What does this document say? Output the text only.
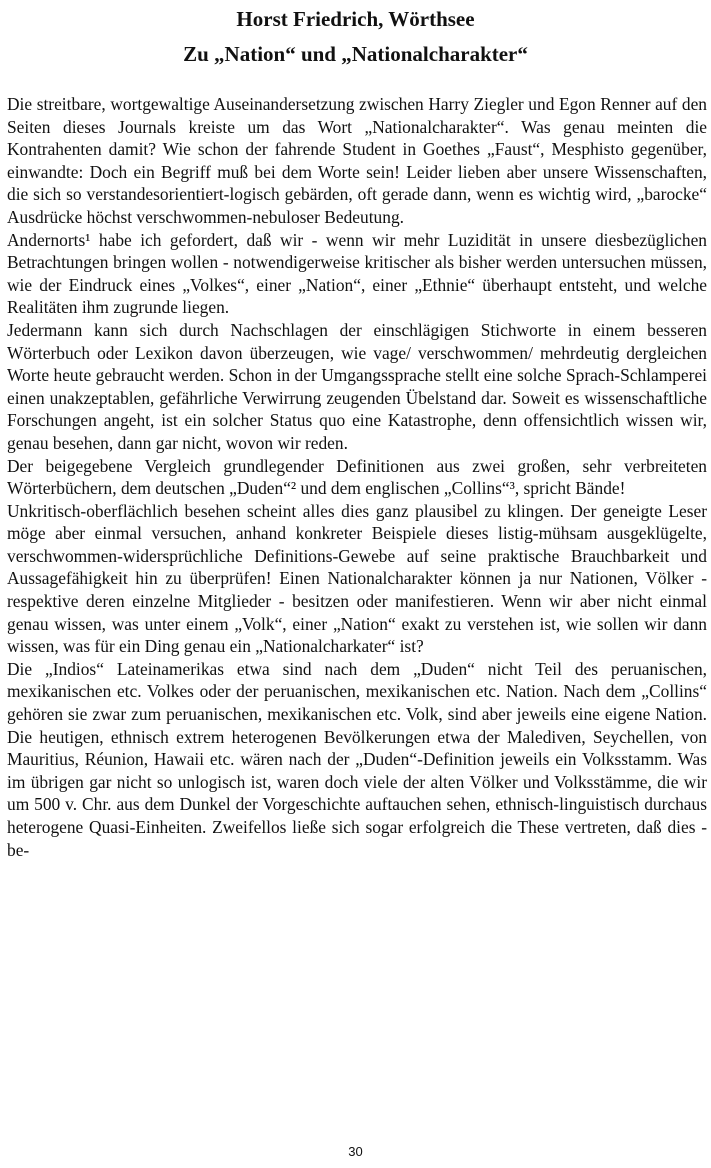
Horst Friedrich, Wörthsee
Zu „Nation“ und „Nationalcharakter“

Die streitbare, wortgewaltige Auseinandersetzung zwischen Harry Ziegler und Egon Renner auf den Seiten dieses Journals kreiste um das Wort „Nationalcharakter“. Was genau meinten die Kontrahenten damit? Wie schon der fahrende Student in Goethes „Faust“, Mesphisto gegenüber, einwandte: Doch ein Begriff muß bei dem Worte sein! Leider lieben aber unsere Wissenschaften, die sich so verstandesorientiert-logisch gebärden, oft gerade dann, wenn es wichtig wird, „barocke“ Ausdrücke höchst verschwommen-nebuloser Bedeutung.

Andernorts¹ habe ich gefordert, daß wir - wenn wir mehr Luzidität in unsere diesbezüglichen Betrachtungen bringen wollen - notwendigerweise kritischer als bisher werden untersuchen müssen, wie der Eindruck eines „Volkes“, einer „Nation“, einer „Ethnie“ überhaupt entsteht, und welche Realitäten ihm zugrunde liegen.

Jedermann kann sich durch Nachschlagen der einschlägigen Stichworte in einem besseren Wörterbuch oder Lexikon davon überzeugen, wie vage/ verschwommen/ mehrdeutig dergleichen Worte heute gebraucht werden. Schon in der Umgangssprache stellt eine solche Sprach-Schlamperei einen unakzeptablen, gefährliche Verwirrung zeugenden Übelstand dar. Soweit es wissenschaftliche Forschungen angeht, ist ein solcher Status quo eine Katastrophe, denn offensichtlich wissen wir, genau besehen, dann gar nicht, wovon wir reden.

Der beigegebene Vergleich grundlegender Definitionen aus zwei großen, sehr verbreiteten Wörterbüchern, dem deutschen „Duden“² und dem englischen „Collins“³, spricht Bände!

Unkritisch-oberflächlich besehen scheint alles dies ganz plausibel zu klingen. Der geneigte Leser möge aber einmal versuchen, anhand konkreter Beispiele dieses listig-mühsam ausgeklügelte, verschwommen-widersprüchliche Definitions-Gewebe auf seine praktische Brauchbarkeit und Aussagefähigkeit hin zu überprüfen! Einen Nationalcharakter können ja nur Nationen, Völker - respektive deren einzelne Mitglieder - besitzen oder manifestieren. Wenn wir aber nicht einmal genau wissen, was unter einem „Volk“, einer „Nation“ exakt zu verstehen ist, wie sollen wir dann wissen, was für ein Ding genau ein „Nationalcharkater“ ist?

Die „Indios“ Lateinamerikas etwa sind nach dem „Duden“ nicht Teil des peruanischen, mexikanischen etc. Volkes oder der peruanischen, mexikanischen etc. Nation. Nach dem „Collins“ gehören sie zwar zum peruanischen, mexikanischen etc. Volk, sind aber jeweils eine eigene Nation. Die heutigen, ethnisch extrem heterogenen Bevölkerungen etwa der Malediven, Seychellen, von Mauritius, Réunion, Hawaii etc. wären nach der „Duden“-Definition jeweils ein Volksstamm. Was im übrigen gar nicht so unlogisch ist, waren doch viele der alten Völker und Volksstämme, die wir um 500 v. Chr. aus dem Dunkel der Vorgeschichte auftauchen sehen, ethnisch-linguistisch durchaus heterogene Quasi-Einheiten. Zweifellos ließe sich sogar erfolgreich die These vertreten, daß dies - be-

30
